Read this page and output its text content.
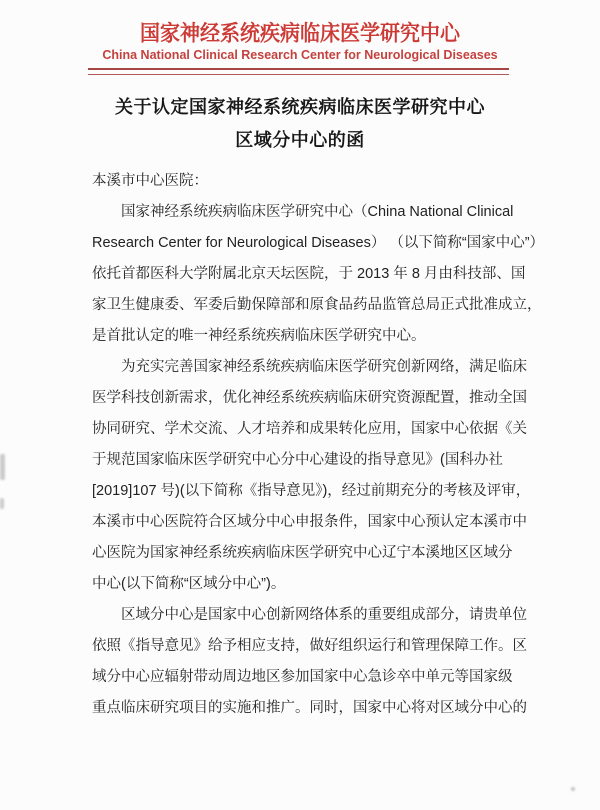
国家神经系统疾病临床医学研究中心
China National Clinical Research Center for Neurological Diseases
关于认定国家神经系统疾病临床医学研究中心
区域分中心的函
本溪市中心医院：
国家神经系统疾病临床医学研究中心（China National Clinical
Research Center for Neurological Diseases） （以下简称“国家中心”）
依托首都医科大学附属北京天坛医院，于 2013 年 8 月由科技部、国
家卫生健康委、军委后勤保障部和原食品药品监管总局正式批准成立，
是首批认定的唯一神经系统疾病临床医学研究中心。
为充实完善国家神经系统疾病临床医学研究创新网络，满足临床
医学科技创新需求，优化神经系统疾病临床研究资源配置，推动全国
协同研究、学术交流、人才培养和成果转化应用，国家中心依据《关
于规范国家临床医学研究中心分中心建设的指导意见》(国科办社
[2019]107 号)(以下简称《指导意见》)，经过前期充分的考核及评审，
本溪市中心医院符合区域分中心申报条件，国家中心预认定本溪市中
心医院为国家神经系统疾病临床医学研究中心辽宁本溪地区区域分
中心(以下简称“区域分中心”)。
区域分中心是国家中心创新网络体系的重要组成部分，请贵单位
依照《指导意见》给予相应支持，做好组织运行和管理保障工作。区
域分中心应辐射带动周边地区参加国家中心急诊卒中单元等国家级
重点临床研究项目的实施和推广。同时，国家中心将对区域分中心的
